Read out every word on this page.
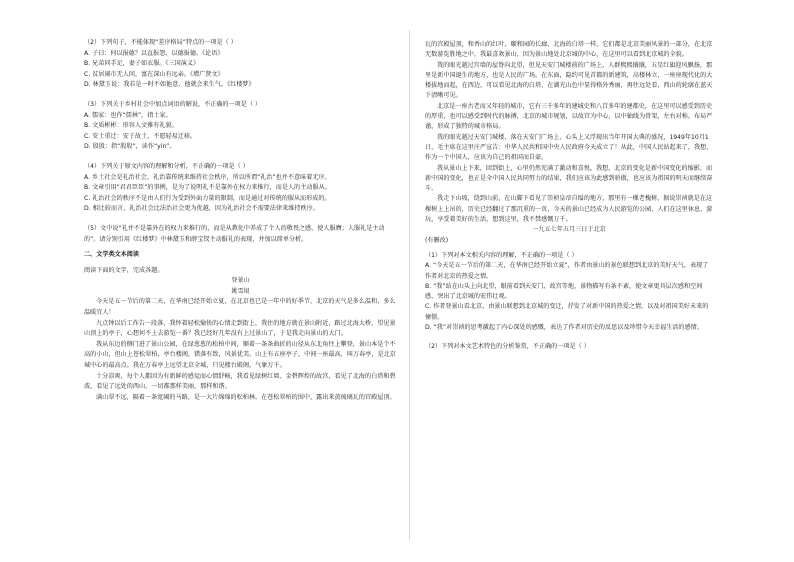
（2）下列句子，不能体现“差序格局”特点的一项是（ ）

A. 子曰：何以报德？以直报怨，以德报德。《论语》

B. 兄弟同手足，妻子如衣服。《三国演义》

C. 贫居闹市无人问，富在深山有远亲。《增广贤文》

D. 林黛玉说：我若是一时不如他意，他就会来生气。《红楼梦》

（3）下列关于乡村社会中加点词语的解说，不正确的一项是（ ）

A. 儒家：也作“儒林”，指士家。

B. 文质彬彬：形容人文雅有礼貌。

C. 安土重迁：安于故土，不愿轻易迁移。

D. 殷殷：指“殷殷”，读作“yin”。

（4）下列关于原文内容的理解和分析，不正确的一项是（ ）

A. 乡土社会是礼治社会，礼治靠传统来维持社会秩序，所以所谓“礼治”也并不意味着无序。

B. 文章引用“君君臣臣”的事例，是为了说明礼不是靠外在权力来推行，而是人的主动服从。

C. 礼治社会的秩序不是由人们行为受到外面力量的限制，而是通过对传统的服从而形成的。

D. 相比较而言，礼治社会比法治社会更为优越，因为礼治社会不需要法律来维持秩序。

（5）文中说“礼并不是靠外在的权力来推行的，而是从教化中养成了个人的敬畏之感，使人服膺；人服礼是主动的”。请分别引用《红楼梦》中林黛玉和薛宝钗主动服礼的表现，并加以简单分析。

二、文学类文本阅读

阅读下面的文字，完成各题。

登景山

姚雪垠

今天是五一节后的第二天，在华南已经开始立夏，在北京也已是一年中的好季节，北京的天气是多么温和，多么温暖宜人！

九点钟以后工作告一段落，我怀着轻松愉快的心情走到街上，我住的地方就在景山附近，路过北海大桥，望见景山顶上的亭子，心想何不上去游览一番？我已经好几年没有上过景山了，于是我走向景山的大门。

我从东边的侧门进了景山公园，在绿葱葱的松柏中间，顺着一条条曲折的山径从东北角往上攀登，景山本是个不高的小山，但山上苍松翠柏，亭台楼阁，错落有致，风景优美。山上有五座亭子，中间一座最高，叫万春亭，是北京城中心的最高点。我在万春亭上远望北京全城，只见楼台殿阁，气象万千。

十分凉爽，每个人都因为有新鲜的感觉而心情舒畅，我看见绿树红墙、金碧辉煌的故宫，看见了北海的白塔和碧波，看见了远处的西山，一切都那样美丽，那样和谐。

满山翠不远，隔着一条宽阔的马路，是一大片绵绵的松柏林，在苍松翠柏的围中，露出来黄琉璃瓦的宫殿屋顶。

瓦的宫殿屋顶，和香山的红叶、颐和园的长廊、北海的白塔一样，它们都是北京美丽风景的一部分，在北京无数游览胜地之中，我最喜欢景山，因为景山地处北京城的中心，在这里可以看到北京城的全貌。

我的眼光越过宫墙的屋脊向北望，但见天安门城楼前的广场上，人群熙熙攘攘，五星红旗迎风飘扬，那里是新中国诞生的地方，也是人民的广场。在东面，隐约可见首都的新建筑，高楼林立，一座座现代化的大楼拔地而起，在西边，可以看见北海的白塔，在湖光山色中显得格外秀丽，再往远处看，西山的轮廓在蓝天下清晰可见。

北京是一座古老而又年轻的城市，它有三千多年的建城史和八百多年的建都史，在这里可以感受到历史的厚重，也可以感受到时代的脉搏，北京的城市规划，以故宫为中心，以中轴线为骨架，左右对称，布局严谨，形成了独特的城市格局。

我的眼光越过天安门城楼，落在天安门广场上，心头上又浮现出当年开国大典的盛况，1949年10月1日，毛主席在这里庄严宣告：中华人民共和国中央人民政府今天成立了！从此，中国人民站起来了，我想，作为一个中国人，应该为自己的祖国而自豪。

我从景山上下来，回到街上，心里仍然充满了激动和喜悦，我想，北京的变化是新中国变化的缩影，而新中国的变化，也正是全中国人民共同努力的结果，我们应该为此感到骄傲，也应该为祖国的明天而继续奋斗。

我走下山坡，绕到山前，在山脚下看见了崇祯皇帝自缢的地方，那里有一棵老槐树，据说崇祯就是在这棵树上上吊的，历史已经翻过了那沉重的一页，今天的景山已经成为人民游览的公园，人们在这里休息、游玩，享受着美好的生活，想到这里，我不禁感慨万千。

一九五七年五月三日于北京

(有删改)

（1）下列对本文相关内容的理解，不正确的一项是（ ）

A. “今天是五一节后的第二天，在华南已经开始立夏”，作者由景山的景色联想到北京的美好天气，表现了作者对北京的热爱之情。

B. “我”站在山头上向北望，眼前看到天安门、故宫等地，景物描写有条不紊，使文章更具层次感和空间感，突出了北京城的宏伟壮观。

C. 作者登景山看北京，由景山联想到北京城的变迁，抒发了对新中国的热爱之情，以及对祖国美好未来的憧憬。

D. “我”对崇祯的思考激起了内心深处的感慨，表达了作者对历史的反思以及珍惜今天幸福生活的感情。

（2）下列对本文艺术特色的分析鉴赏，不正确的一项是（ ）
